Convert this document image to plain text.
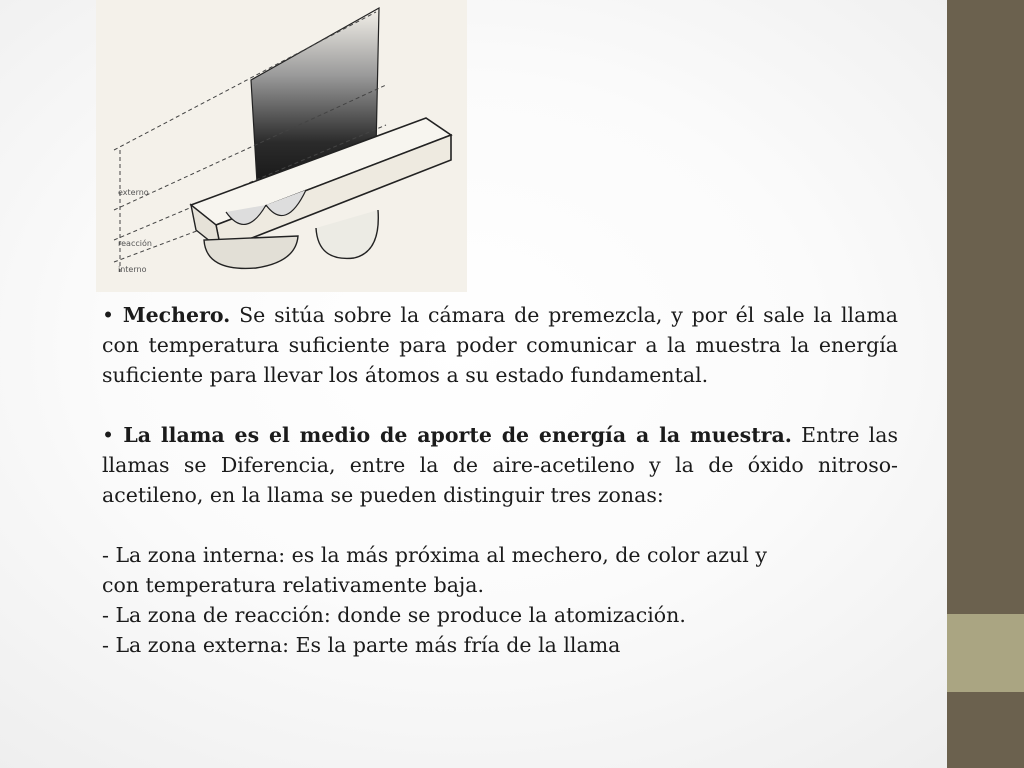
externo
reacción
interno

• Mechero. Se sitúa sobre la cámara de premezcla, y por él sale la llama con temperatura suficiente para poder comunicar a la muestra la energía suficiente para llevar los átomos a su estado fundamental.

• La llama es el medio de aporte de energía a la muestra. Entre las llamas se Diferencia, entre la de aire-acetileno y la de óxido nitroso-acetileno, en la llama se pueden distinguir tres zonas:

- La zona interna: es la más próxima al mechero, de color azul y

con temperatura relativamente baja.

- La zona de reacción: donde se produce la atomización.

- La zona externa: Es la parte más fría de la llama
